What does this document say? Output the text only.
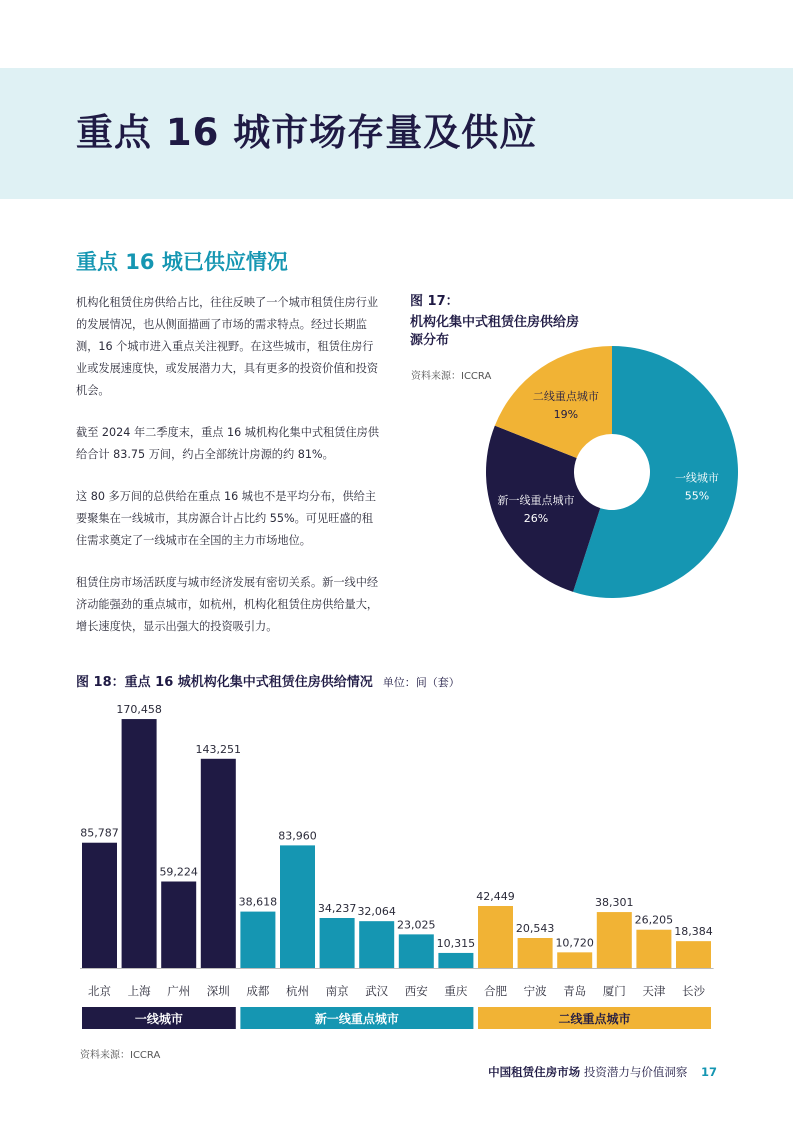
重点 16 城市场存量及供应
重点 16 城已供应情况

机构化租赁住房供给占比，往往反映了一个城市租赁住房行业的发展情况，也从侧面描画了市场的需求特点。经过长期监测，16 个城市进入重点关注视野。在这些城市，租赁住房行业或发展速度快，或发展潜力大，具有更多的投资价值和投资机会。

截至 2024 年二季度末，重点 16 城机构化集中式租赁住房供给合计 83.75 万间，约占全部统计房源的约 81%。

这 80 多万间的总供给在重点 16 城也不是平均分布，供给主要聚集在一线城市，其房源合计占比约 55%。可见旺盛的租住需求奠定了一线城市在全国的主力市场地位。

租赁住房市场活跃度与城市经济发展有密切关系。新一线中经济动能强劲的重点城市，如杭州，机构化租赁住房供给量大，增长速度快，显示出强大的投资吸引力。

图 17：
机构化集中式租赁住房供给房源分布
资料来源：ICCRA
一线城市
55%
新一线重点城市
26%
二线重点城市
19%
图 18：重点 16 城机构化集中式租赁住房供给情况 单位：间（套）
85,787
北京
170,458
上海
59,224
广州
143,251
深圳
38,618
成都
83,960
杭州
34,237
南京
32,064
武汉
23,025
西安
10,315
重庆
42,449
合肥
20,543
宁波
10,720
青岛
38,301
厦门
26,205
天津
18,384
长沙
一线城市	新一线重点城市	二线重点城市
资料来源：ICCRA
中国租赁住房市场 投资潜力与价值洞察 17
